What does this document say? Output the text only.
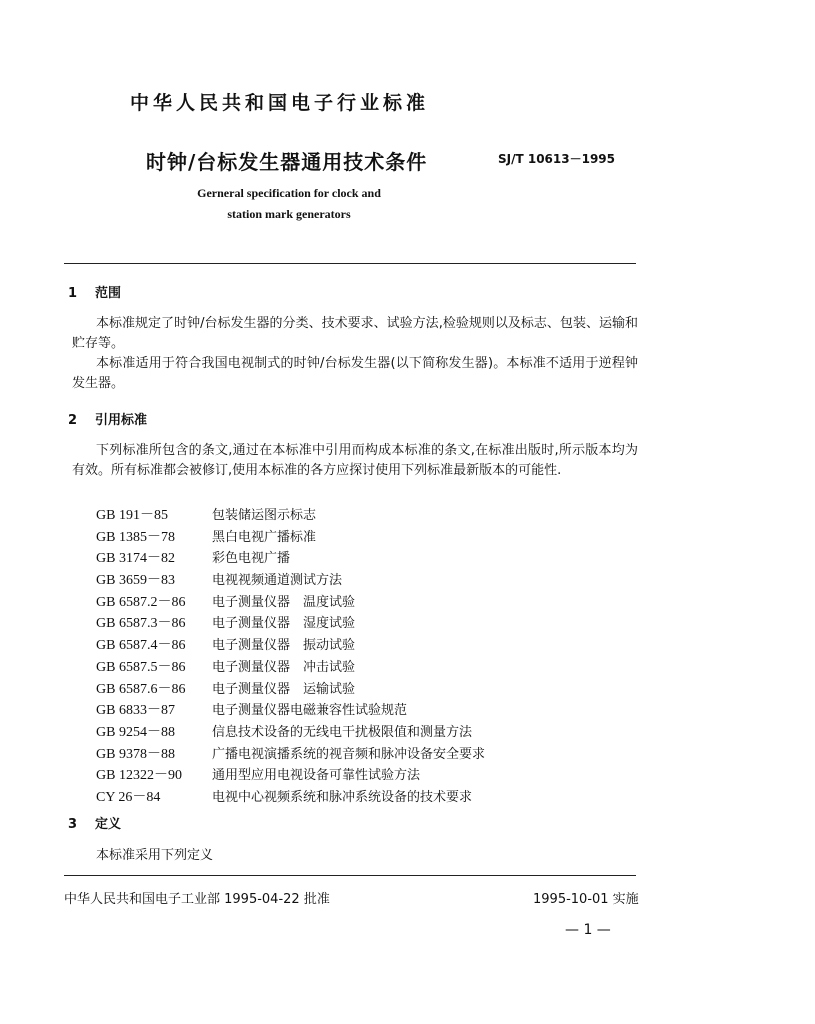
中华人民共和国电子行业标准
时钟/台标发生器通用技术条件	SJ/T 10613－1995
Gerneral specification for clock and
station mark generators
1 范围
本标准规定了时钟/台标发生器的分类、技术要求、试验方法,检验规则以及标志、包装、运输和贮存等。
本标准适用于符合我国电视制式的时钟/台标发生器(以下简称发生器)。本标准不适用于逆程钟发生器。
2 引用标准
下列标准所包含的条文,通过在本标准中引用而构成本标准的条文,在标准出版时,所示版本均为有效。所有标准都会被修订,使用本标准的各方应探讨使用下列标准最新版本的可能性.
GB 191－85	包装储运图示标志
GB 1385－78	黑白电视广播标准
GB 3174－82	彩色电视广播
GB 3659－83	电视视频通道测试方法
GB 6587.2－86 电子测量仪器　温度试验
GB 6587.3－86 电子测量仪器　湿度试验
GB 6587.4－86 电子测量仪器　振动试验
GB 6587.5－86 电子测量仪器　冲击试验
GB 6587.6－86 电子测量仪器　运输试验
GB 6833－87	电子测量仪器电磁兼容性试验规范
GB 9254－88	信息技术设备的无线电干扰极限值和测量方法
GB 9378－88	广播电视演播系统的视音频和脉冲设备安全要求
GB 12322－90 通用型应用电视设备可靠性试验方法
CY 26－84	电视中心视频系统和脉冲系统设备的技术要求
3 定义
本标准采用下列定义
中华人民共和国电子工业部 1995-04-22 批准	1995-10-01 实施
— 1 —
